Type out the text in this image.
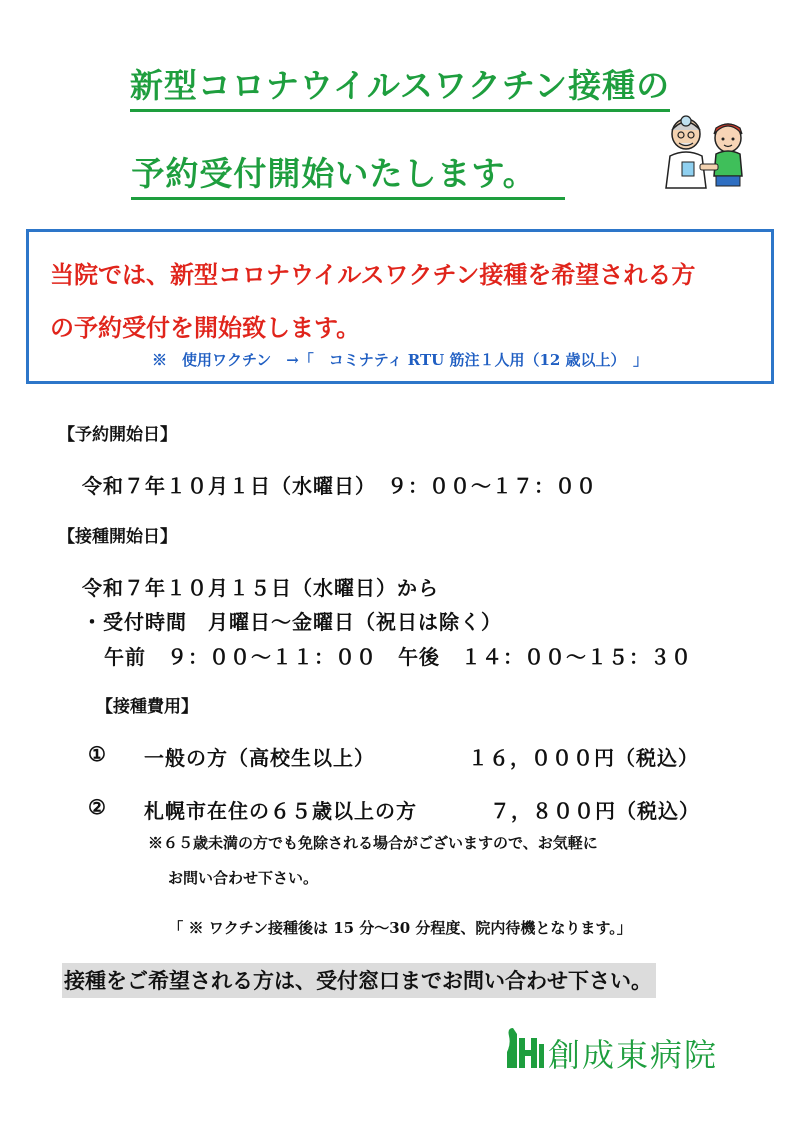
新型コロナウイルスワクチン接種の
予約受付開始いたします。
当院では、新型コロナウイルスワクチン接種を希望される方
の予約受付を開始致します。
※　使用ワクチン　→「　コミナティ RTU 筋注１人用（12 歳以上）　」
【予約開始日】
令和７年１０月１日（水曜日）　９：００～１７：００
【接種開始日】
令和７年１０月１５日（水曜日）から
・受付時間　月曜日～金曜日（祝日は除く）
午前　９：００～１１：００　午後　１４：００～１５：３０
【接種費用】
① 一般の方（高校生以上）	１６，０００円（税込）
② 札幌市在住の６５歳以上の方	７，８００円（税込）
※６５歳未満の方でも免除される場合がございますので、お気軽に
お問い合わせ下さい。
「 ※ ワクチン接種後は 15 分～30 分程度、院内待機となります。」
接種をご希望される方は、受付窓口までお問い合わせ下さい。
創成東病院
